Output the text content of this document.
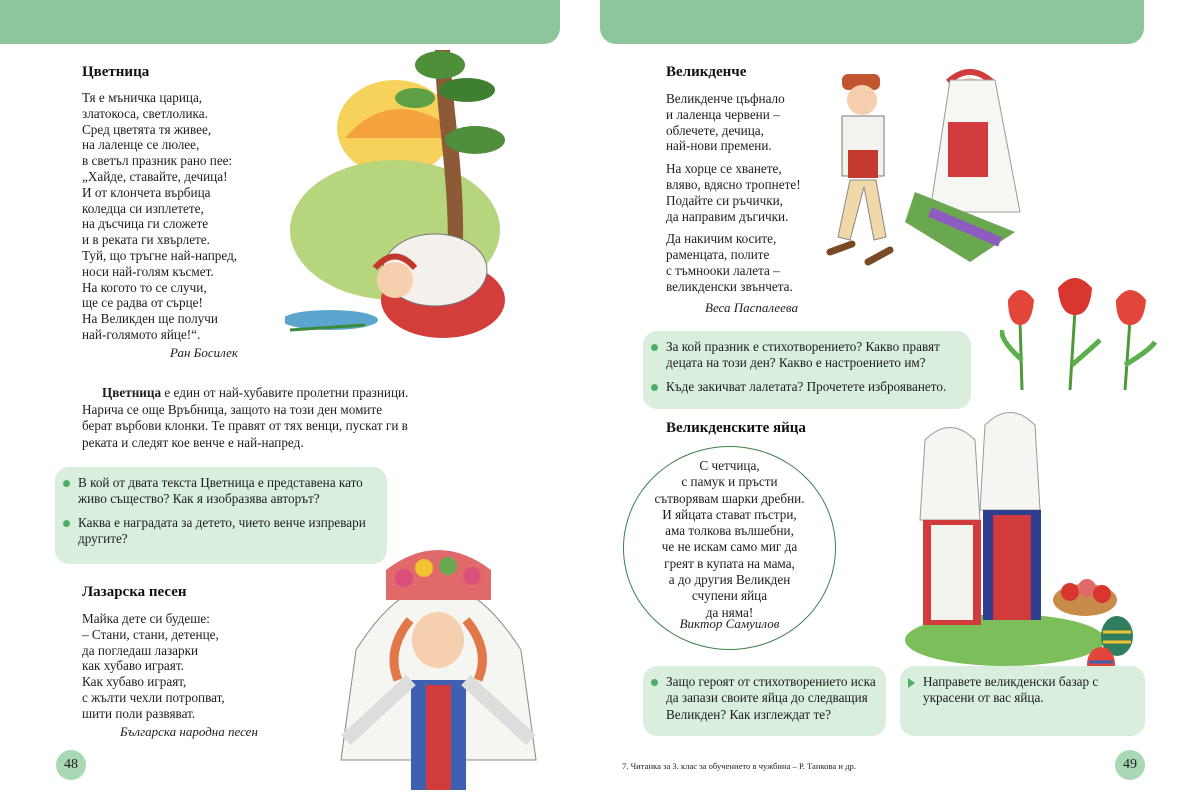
Цветница
Тя е мъничка царица,
златокоса, светлолика.
Сред цветята тя живее,
на лаленце се люлее,
в светъл празник рано пее:
„Хайде, ставайте, дечица!
И от клончета върбица
коледца си изплетете,
на дъсчица ги сложете
и в реката ги хвърлете.
Туй, що тръгне най-напред,
носи най-голям късмет.
На когото то се случи,
ще се радва от сърце!
На Великден ще получи
най-голямото яйце!“.
Ран Босилек
Цветница е един от най-хубавите пролетни празници. Нарича се още Връбница, защото на този ден момите берат върбови клонки. Те правят от тях венци, пускат ги в реката и следят кое венче е най-напред.
В кой от двата текста Цветница е представена като живо същество? Как я изобразява авторът?
Каква е наградата за детето, чието венче изпревари другите?
Лазарска песен
Майка дете си будеше:
– Стани, стани, детенце,
да погледаш лазарки
как хубаво играят.
Как хубаво играят,
с жълти чехли потропват,
шити поли развяват.
Българска народна песен
48
Великденче
Великденче цъфнало
и лаленца червени –
облечете, дечица,
най-нови премени.
На хорце се хванете,
вляво, вдясно тропнете!
Подайте си ръчички,
да направим дъгички.
Да накичим косите,
раменцата, полите
с тъмнооки лалета –
великденски звънчета.
Веса Паспалеева
За кой празник е стихотворението? Какво правят децата на този ден? Какво е настроението им?
Къде закичват лалетата? Прочетете изброяването.
Великденските яйца
С четчица,
с памук и пръсти
сътворявам шарки дребни.
И яйцата стават пъстри,
ама толкова вълшебни,
че не искам само миг да
греят в купата на мама,
а до другия Великден
счупени яйца
да няма!
Виктор Самуилов
Защо героят от стихотворението иска да запази своите яйца до следващия Великден? Как изглеждат те?
Направете великденски базар с украсени от вас яйца.
7. Читанка за 3. клас за обучението в чужбина – Р. Танкова и др.	49
